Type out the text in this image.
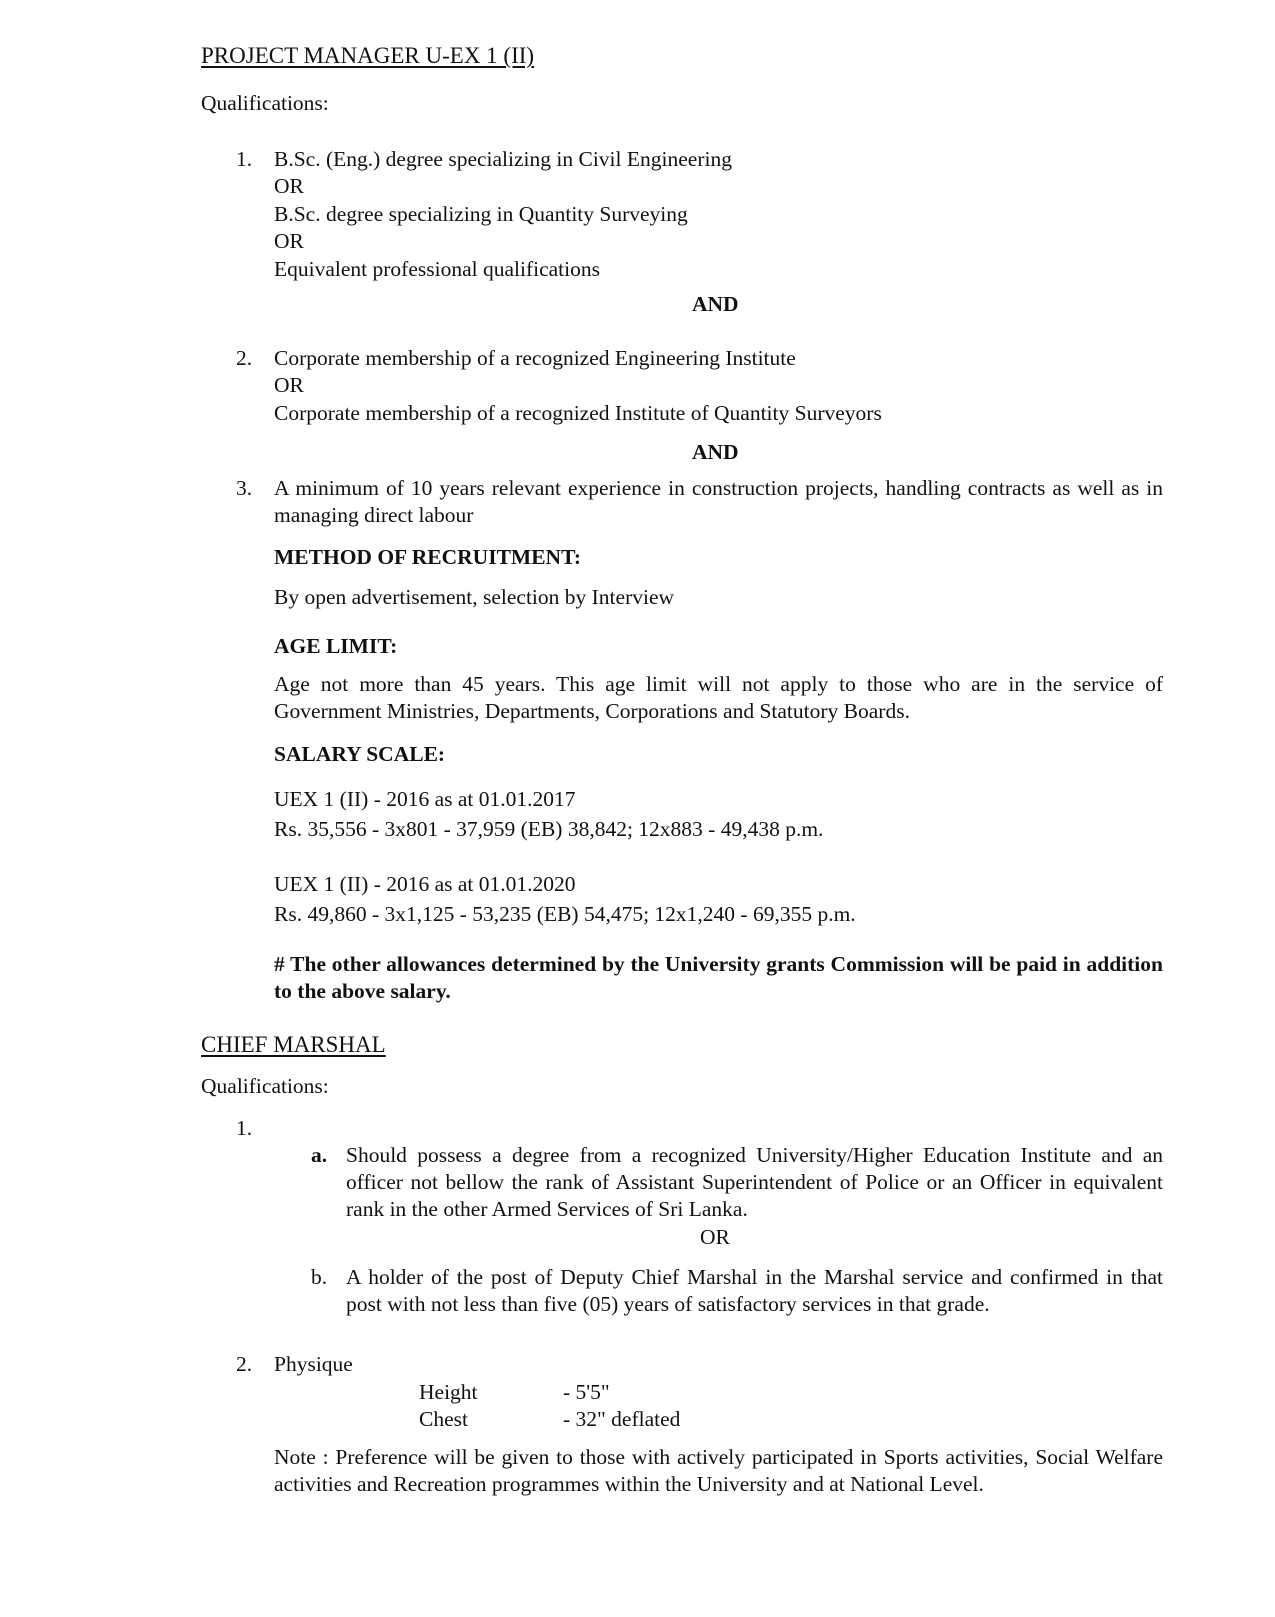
PROJECT MANAGER U-EX 1 (II)
Qualifications:
1. B.Sc. (Eng.) degree specializing in Civil Engineering
OR
B.Sc. degree specializing in Quantity Surveying
OR
Equivalent professional qualifications
AND
2. Corporate membership of a recognized Engineering Institute
OR
Corporate membership of a recognized Institute of Quantity Surveyors
AND
3. A minimum of 10 years relevant experience in construction projects, handling contracts as well as in managing direct labour
METHOD OF RECRUITMENT:
By open advertisement, selection by Interview
AGE LIMIT:
Age not more than 45 years. This age limit will not apply to those who are in the service of Government Ministries, Departments, Corporations and Statutory Boards.
SALARY SCALE:
UEX 1 (II) - 2016 as at 01.01.2017
Rs. 35,556 - 3x801 - 37,959 (EB) 38,842; 12x883 - 49,438 p.m.
UEX 1 (II) - 2016 as at 01.01.2020
Rs. 49,860 - 3x1,125 - 53,235 (EB) 54,475; 12x1,240 - 69,355 p.m.
# The other allowances determined by the University grants Commission will be paid in addition to the above salary.
CHIEF MARSHAL
Qualifications:
1.
a. Should possess a degree from a recognized University/Higher Education Institute and an officer not bellow the rank of Assistant Superintendent of Police or an Officer in equivalent rank in the other Armed Services of Sri Lanka.
OR
b. A holder of the post of Deputy Chief Marshal in the Marshal service and confirmed in that post with not less than five (05) years of satisfactory services in that grade.
2. Physique
Height	- 5'5"
Chest	- 32" deflated
Note : Preference will be given to those with actively participated in Sports activities, Social Welfare activities and Recreation programmes within the University and at National Level.
